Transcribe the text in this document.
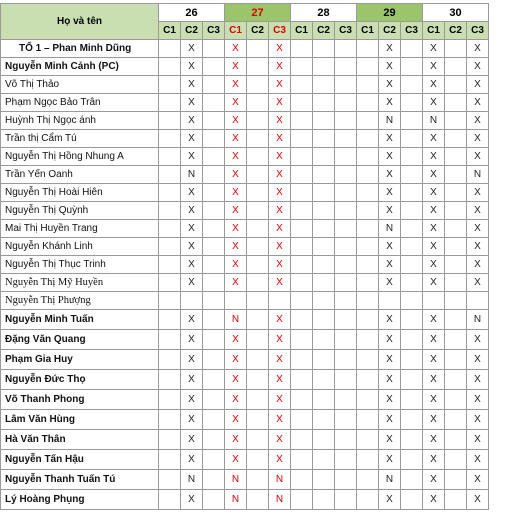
Họ và tên	26			27			28			29			30		
	C1	C2	C3	C1	C2	C3	C1	C2	C3	C1	C2	C3	C1	C2	C3
TỔ 1 – Phan Minh Dũng		X		X		X					X		X		X
Nguyễn Minh Cảnh (PC)		X		X		X					X		X		X
Võ Thị Thảo		X		X		X					X		X		X
Phạm Ngọc Bảo Trân		X		X		X					X		X		X
Huỳnh Thị Ngọc ánh		X		X		X					N		N		X
Trần thị Cẩm Tú		X		X		X					X		X		X
Nguyễn Thị Hồng Nhung A		X		X		X					X		X		X
Trần Yến Oanh		N		X		X					X		X		N
Nguyễn Thị Hoài Hiên		X		X		X					X		X		X
Nguyễn Thị Quỳnh		X		X		X					X		X		X
Mai Thị Huyền Trang		X		X		X					N		X		X
Nguyễn Khánh Linh		X		X		X					X		X		X
Nguyễn Thị Thục Trinh		X		X		X					X		X		X
Nguyễn Thị Mỹ Huyền		X		X		X					X		X		X
Nguyễn Thị Phượng															
Nguyễn Minh Tuấn		X		N		X					X		X		N
Đặng Văn Quang		X		X		X					X		X		X
Phạm Gia Huy		X		X		X					X		X		X
Nguyễn Đức Thọ		X		X		X					X		X		X
Võ Thanh Phong		X		X		X					X		X		X
Lâm Văn Hùng		X		X		X					X		X		X
Hà Văn Thân		X		X		X					X		X		X
Nguyễn Tấn Hậu		X		X		X					X		X		X
Nguyễn Thanh Tuấn Tú		N		N		N					N		X		X
Lý Hoàng Phụng		X		N		N					X		X		X
